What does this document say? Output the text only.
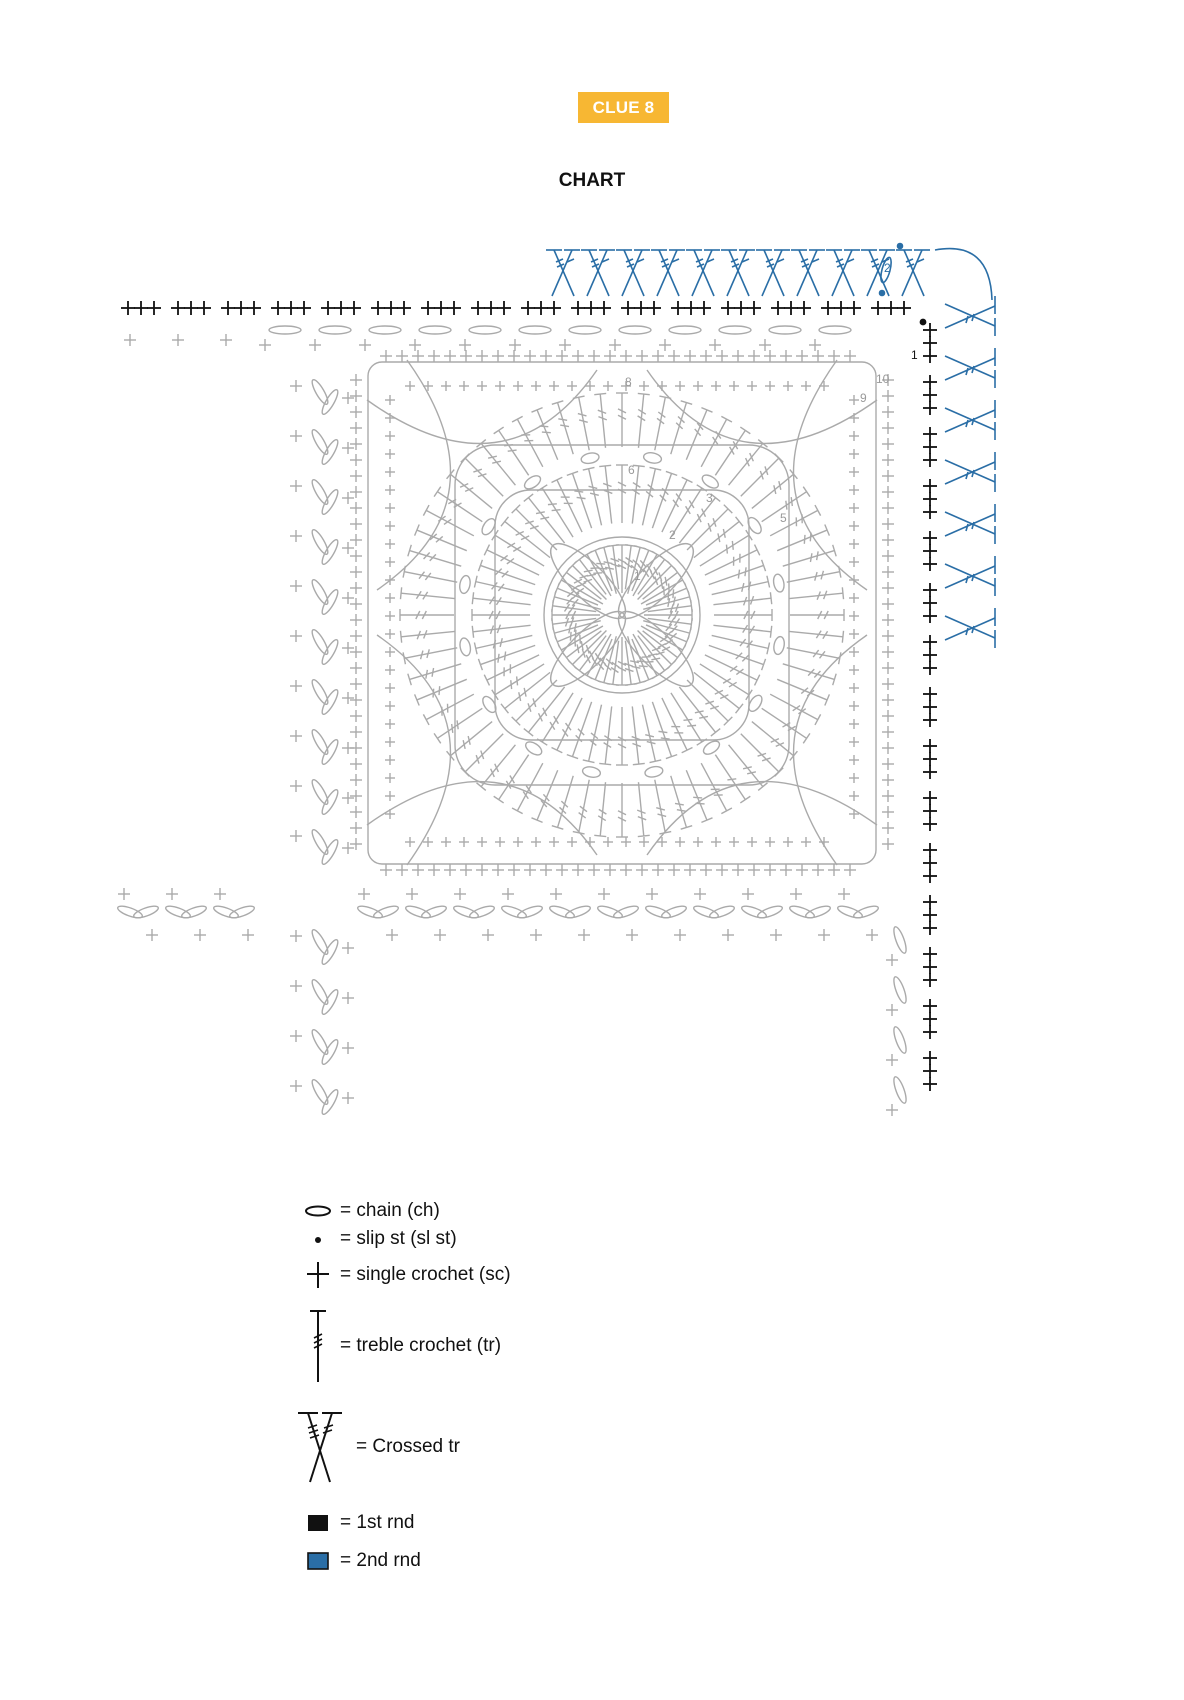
CLUE 8
CHART
1
2
3
5
6
8
9
10
1
2
= chain (ch)
= slip st (sl st)
= single crochet (sc)
= treble crochet (tr)
= Crossed tr
= 1st rnd
= 2nd rnd
